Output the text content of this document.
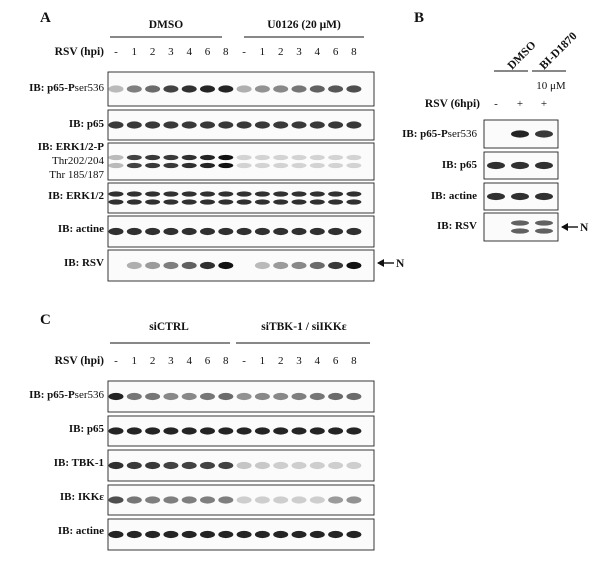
A	DMSO	U0126 (20 μM)
RSV (hpi) - 1 2 3 4 6 8 - 1 2 3 4 6 8
IB: p65-Pser536
IB: p65
IB: ERK1/2-P
Thr202/204
Thr 185/187
IB: ERK1/2
IB: actine
IB: RSV	N
B
DMSO BI-D1870
10 μM
RSV (6hpi) - + +
IB: p65-Pser536
IB: p65
IB: actine
IB: RSV	N
C	siCTRL	siTBK-1 / siIKKε
RSV (hpi) - 1 2 3 4 6 8 - 1 2 3 4 6 8
IB: p65-Pser536
IB: p65
IB: TBK-1
IB: IKKε
IB: actine
